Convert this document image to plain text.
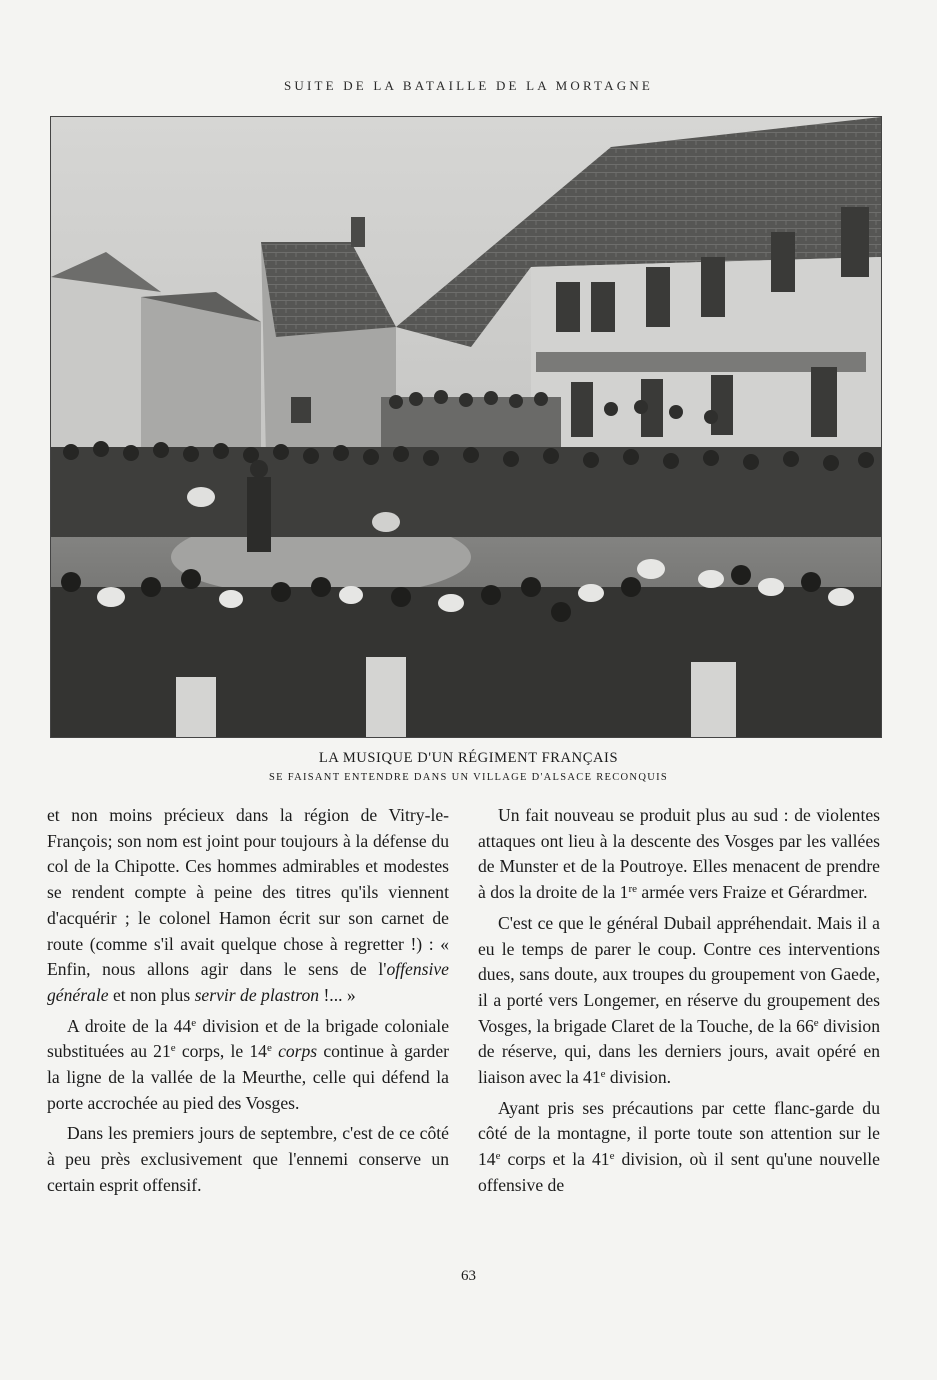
SUITE DE LA BATAILLE DE LA MORTAGNE
LA MUSIQUE D'UN RÉGIMENT FRANÇAIS
SE FAISANT ENTENDRE DANS UN VILLAGE D'ALSACE RECONQUIS

et non moins précieux dans la région de Vitry-le-François; son nom est joint pour toujours à la défense du col de la Chipotte. Ces hommes admirables et modestes se rendent compte à peine des titres qu'ils viennent d'acquérir ; le colonel Hamon écrit sur son carnet de route (comme s'il avait quelque chose à regretter !) : « Enfin, nous allons agir dans le sens de l'offensive générale et non plus servir de plastron !... »

A droite de la 44e division et de la brigade coloniale substituées au 21e corps, le 14e corps continue à garder la ligne de la vallée de la Meurthe, celle qui défend la porte accrochée au pied des Vosges.

Dans les premiers jours de septembre, c'est de ce côté à peu près exclusivement que l'ennemi conserve un certain esprit offensif.

Un fait nouveau se produit plus au sud : de violentes attaques ont lieu à la descente des Vosges par les vallées de Munster et de la Poutroye. Elles menacent de prendre à dos la droite de la 1re armée vers Fraize et Gérardmer.

C'est ce que le général Dubail appréhendait. Mais il a eu le temps de parer le coup. Contre ces interventions dues, sans doute, aux troupes du groupement von Gaede, il a porté vers Longemer, en réserve du groupement des Vosges, la brigade Claret de la Touche, de la 66e division de réserve, qui, dans les derniers jours, avait opéré en liaison avec la 41e division.

Ayant pris ses précautions par cette flanc-garde du côté de la montagne, il porte toute son attention sur le 14e corps et la 41e division, où il sent qu'une nouvelle offensive de

63
